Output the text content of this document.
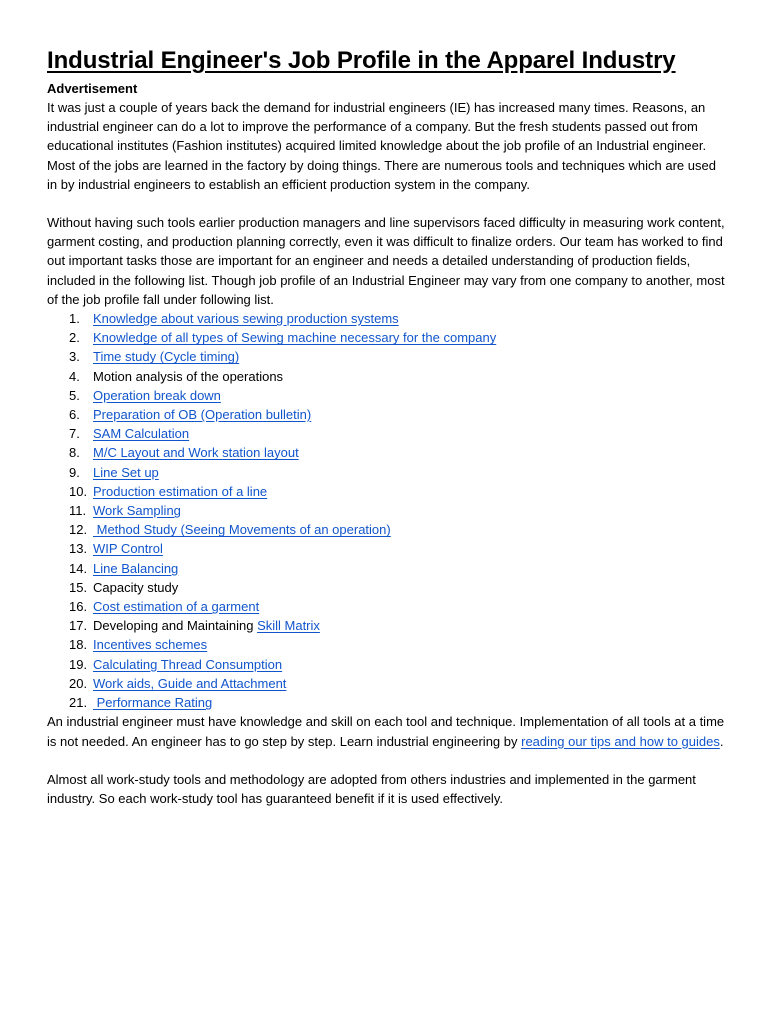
Industrial Engineer's Job Profile in the Apparel Industry
Advertisement

It was just a couple of years back the demand for industrial engineers (IE) has increased many times. Reasons, an industrial engineer can do a lot to improve the performance of a company. But the fresh students passed out from educational institutes (Fashion institutes) acquired limited knowledge about the job profile of an Industrial engineer. Most of the jobs are learned in the factory by doing things. There are numerous tools and techniques which are used in by industrial engineers to establish an efficient production system in the company.

Without having such tools earlier production managers and line supervisors faced difficulty in measuring work content, garment costing, and production planning correctly, even it was difficult to finalize orders. Our team has worked to find out important tasks those are important for an engineer and needs a detailed understanding of production fields, included in the following list. Though job profile of an Industrial Engineer may vary from one company to another, most of the job profile fall under following list.

1. Knowledge about various sewing production systems
2. Knowledge of all types of Sewing machine necessary for the company
3. Time study (Cycle timing)
4. Motion analysis of the operations
5. Operation break down
6. Preparation of OB (Operation bulletin)
7. SAM Calculation
8. M/C Layout and Work station layout
9. Line Set up
10. Production estimation of a line
11. Work Sampling
12. Method Study (Seeing Movements of an operation)
13. WIP Control
14. Line Balancing
15. Capacity study
16. Cost estimation of a garment
17. Developing and Maintaining Skill Matrix
18. Incentives schemes
19. Calculating Thread Consumption
20. Work aids, Guide and Attachment
21. Performance Rating

An industrial engineer must have knowledge and skill on each tool and technique. Implementation of all tools at a time is not needed. An engineer has to go step by step. Learn industrial engineering by reading our tips and how to guides.

Almost all work-study tools and methodology are adopted from others industries and implemented in the garment industry. So each work-study tool has guaranteed benefit if it is used effectively.
